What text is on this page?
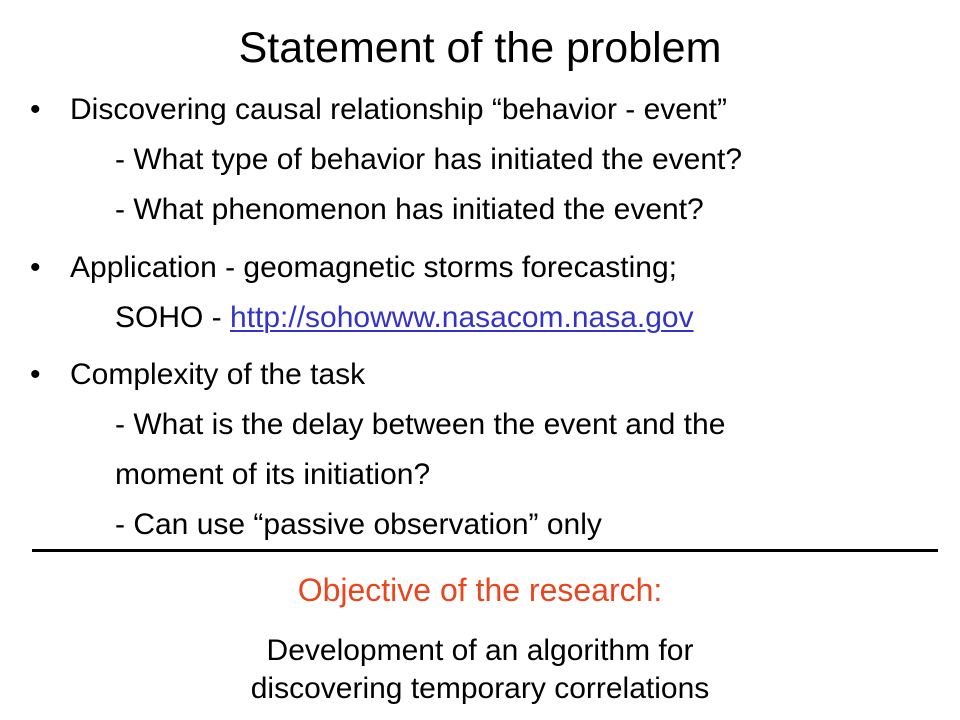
Statement of the problem
• Discovering causal relationship “behavior - event”
- What type of behavior has initiated the event?
- What phenomenon has initiated the event?
• Application - geomagnetic storms forecasting;
SOHO - http://sohowww.nasacom.nasa.gov
• Complexity of the task
- What is the delay between the event and the
moment of its initiation?
- Can use “passive observation” only
Objective of the research:
Development of an algorithm for
discovering temporary correlations
